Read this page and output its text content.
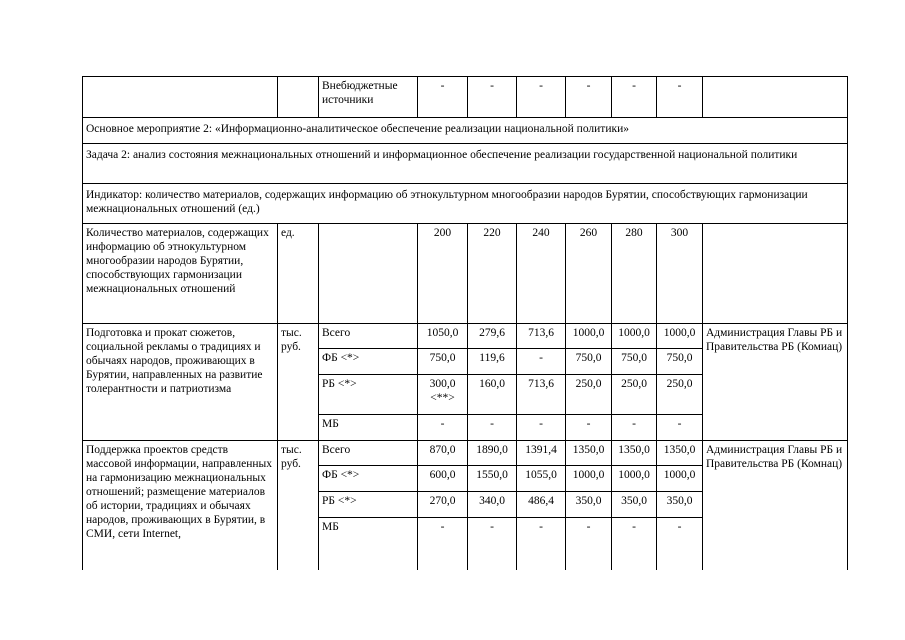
		Внебюджетные источники	-	-	-	-	-	-	
Основное мероприятие 2: «Информационно-аналитическое обеспечение реализации национальной политики»									
Задача 2: анализ состояния межнациональных отношений и информационное обеспечение реализации государственной национальной политики									
Индикатор: количество материалов, содержащих информацию об этнокультурном многообразии народов Бурятии, способствующих гармонизации межнациональных отношений (ед.)									
Количество материалов, содержащих информацию об этнокультурном многообразии народов Бурятии, способствующих гармонизации межнациональных отношений	ед.		200	220	240	260	280	300	
Подготовка и прокат сюжетов, социальной рекламы о традициях и обычаях народов, проживающих в Бурятии, направленных на развитие толерантности и патриотизма	тыс. руб.	Всего	1050,0	279,6	713,6	1000,0	1000,0	1000,0	Администрация Главы РБ и Правительства РБ (Комиац)
		ФБ <*>	750,0	119,6	-	750,0	750,0	750,0	
		РБ <*>	300,0 <**>	160,0	713,6	250,0	250,0	250,0	
		МБ	-	-	-	-	-	-	
Поддержка проектов средств массовой информации, направленных на гармонизацию межнациональных отношений; размещение материалов об истории, традициях и обычаях народов, проживающих в Бурятии, в СМИ, сети Internet,	тыс. руб.	Всего	870,0	1890,0	1391,4	1350,0	1350,0	1350,0	Администрация Главы РБ и Правительства РБ (Комнац)
		ФБ <*>	600,0	1550,0	1055,0	1000,0	1000,0	1000,0	
		РБ <*>	270,0	340,0	486,4	350,0	350,0	350,0	
		МБ	-	-	-	-	-	-	
